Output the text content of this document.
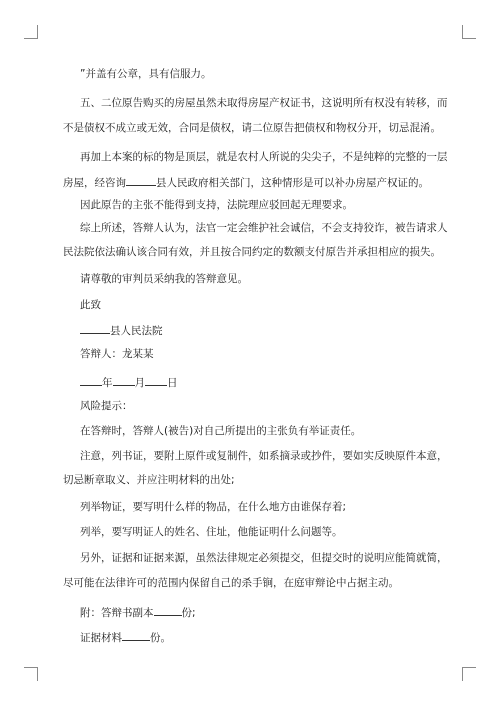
”并盖有公章，具有信服力。
五、二位原告购买的房屋虽然未取得房屋产权证书，这说明所有权没有转移，而
不是债权不成立或无效，合同是债权，请二位原告把债权和物权分开，切忌混淆。
再加上本案的标的物是顶层，就是农村人所说的尖尖子，不是纯粹的完整的一层
房屋，经咨询	县人民政府相关部门，这种情形是可以补办房屋产权证的。
因此原告的主张不能得到支持，法院理应驳回起无理要求。
综上所述，答辩人认为，法官一定会维护社会诚信，不会支持狡诈，被告请求人
民法院依法确认该合同有效，并且按合同约定的数额支付原告并承担相应的损失。
请尊敬的审判员采纳我的答辩意见。
此致
县人民法院
答辩人：龙某某
年 月 日
风险提示：
在答辩时，答辩人(被告)对自己所提出的主张负有举证责任。
注意，列书证，要附上原件或复制件，如系摘录或抄件，要如实反映原件本意，
切忌断章取义、并应注明材料的出处;
列举物证，要写明什么样的物品，在什么地方由谁保存着;
列举，要写明证人的姓名、住址，他能证明什么问题等。
另外，证据和证据来源，虽然法律规定必须提交，但提交时的说明应能简就简，
尽可能在法律许可的范围内保留自己的杀手锏，在庭审辩论中占据主动。
附：答辩书副本	份;
证据材料	份。
